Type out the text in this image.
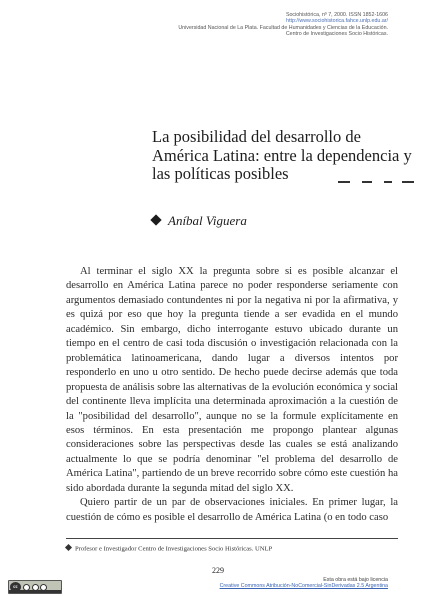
Sociohistórica, nº 7, 2000. ISSN 1852-1606
http://www.sociohistorica.fahce.unlp.edu.ar/
Universidad Nacional de La Plata. Facultad de Humanidades y Ciencias de la Educación.
Centro de Investigaciones Socio Históricas.
La posibilidad del desarrollo de América Latina: entre la dependencia y las políticas posibles
Aníbal Viguera

Al terminar el siglo XX la pregunta sobre si es posible alcanzar el desarrollo en América Latina parece no poder responderse seriamente con argumentos demasiado contundentes ni por la negativa ni por la afirmativa, y es quizá por eso que hoy la pregunta tiende a ser evadida en el mundo académico. Sin embargo, dicho interrogante estuvo ubicado durante un tiempo en el centro de casi toda discusión o investigación relacionada con la problemática latinoamericana, dando lugar a diversos intentos por responderlo en uno u otro sentido. De hecho puede decirse además que toda propuesta de análisis sobre las alternativas de la evolución económica y social del continente lleva implícita una determinada aproximación a la cuestión de la "posibilidad del desarrollo", aunque no se la formule explícitamente en esos términos. En esta presentación me propongo plantear algunas consideraciones sobre las perspectivas desde las cuales se está analizando actualmente lo que se podría denominar "el problema del desarrollo de América Latina", partiendo de un breve recorrido sobre cómo este cuestión ha sido abordada durante la segunda mitad del siglo XX.

Quiero partir de un par de observaciones iniciales. En primer lugar, la cuestión de cómo es posible el desarrollo de América Latina (o en todo caso

Profesor e Investigador Centro de Investigaciones Socio Históricas. UNLP
229
cc
Esta obra está bajo licencia
Creative Commons Atribución-NoComercial-SinDerivadas 2.5 Argentina
